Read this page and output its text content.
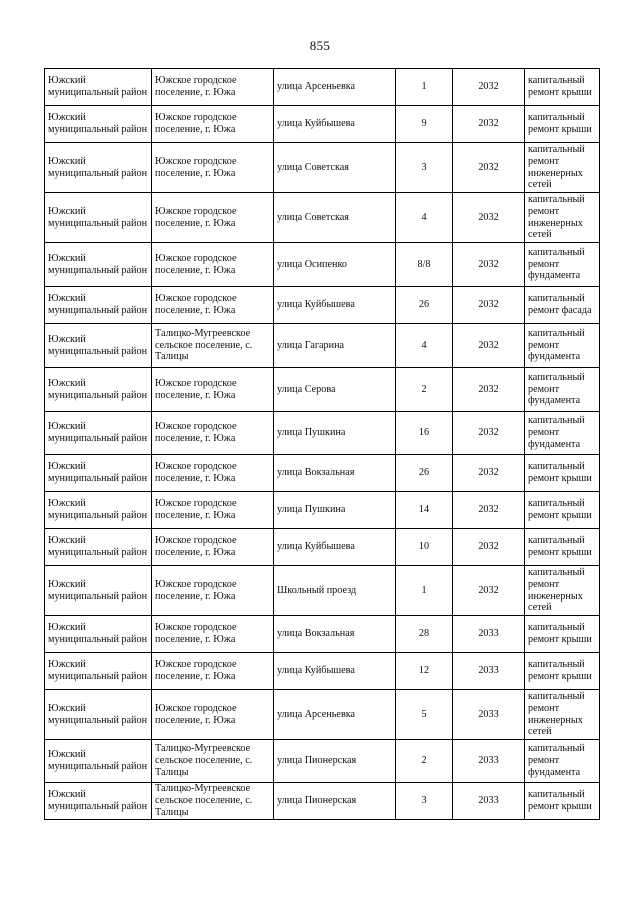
855
Южский муниципальный район	Южское городское поселение, г. Южа	улица Арсеньевка	1	2032	капитальный ремонт крыши
Южский муниципальный район	Южское городское поселение, г. Южа	улица Куйбышева	9	2032	капитальный ремонт крыши
Южский муниципальный район	Южское городское поселение, г. Южа	улица Советская	3	2032	капитальный ремонт инженерных сетей
Южский муниципальный район	Южское городское поселение, г. Южа	улица Советская	4	2032	капитальный ремонт инженерных сетей
Южский муниципальный район	Южское городское поселение, г. Южа	улица Осипенко	8/8	2032	капитальный ремонт фундамента
Южский муниципальный район	Южское городское поселение, г. Южа	улица Куйбышева	26	2032	капитальный ремонт фасада
Южский муниципальный район	Талицко-Мугреевское сельское поселение, с. Талицы	улица Гагарина	4	2032	капитальный ремонт фундамента
Южский муниципальный район	Южское городское поселение, г. Южа	улица Серова	2	2032	капитальный ремонт фундамента
Южский муниципальный район	Южское городское поселение, г. Южа	улица Пушкина	16	2032	капитальный ремонт фундамента
Южский муниципальный район	Южское городское поселение, г. Южа	улица Вокзальная	26	2032	капитальный ремонт крыши
Южский муниципальный район	Южское городское поселение, г. Южа	улица Пушкина	14	2032	капитальный ремонт крыши
Южский муниципальный район	Южское городское поселение, г. Южа	улица Куйбышева	10	2032	капитальный ремонт крыши
Южский муниципальный район	Южское городское поселение, г. Южа	Школьный проезд	1	2032	капитальный ремонт инженерных сетей
Южский муниципальный район	Южское городское поселение, г. Южа	улица Вокзальная	28	2033	капитальный ремонт крыши
Южский муниципальный район	Южское городское поселение, г. Южа	улица Куйбышева	12	2033	капитальный ремонт крыши
Южский муниципальный район	Южское городское поселение, г. Южа	улица Арсеньевка	5	2033	капитальный ремонт инженерных сетей
Южский муниципальный район	Талицко-Мугреевское сельское поселение, с. Талицы	улица Пионерская	2	2033	капитальный ремонт фундамента
Южский муниципальный район	Талицко-Мугреевское сельское поселение, с. Талицы	улица Пионерская	3	2033	капитальный ремонт крыши
